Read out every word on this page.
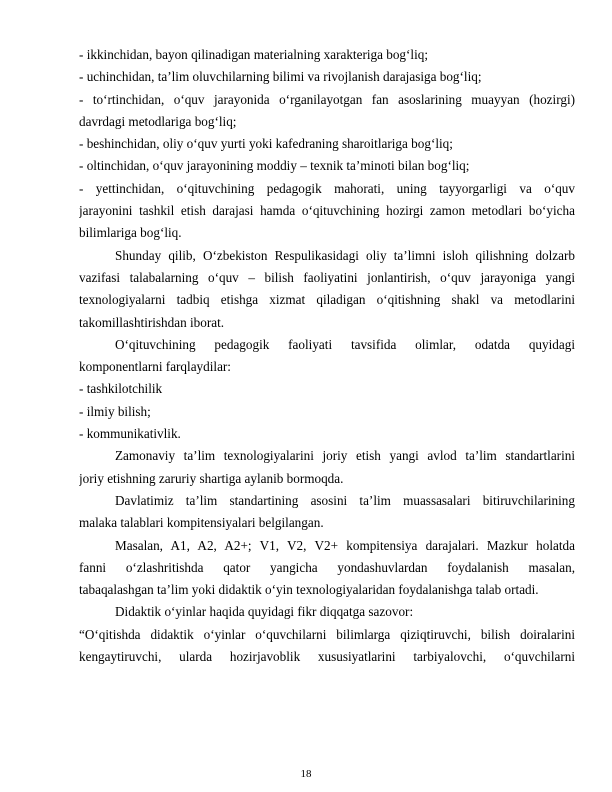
- ikkinchidan, bayon qilinadigan materialning xarakteriga bog‘liq;
- uchinchidan, ta’lim oluvchilarning bilimi va rivojlanish darajasiga bog‘liq;
- to‘rtinchidan, o‘quv jarayonida o‘rganilayotgan fan asoslarining muayyan (hozirgi)
davrdagi metodlariga bog‘liq;
- beshinchidan, oliy o‘quv yurti yoki kafedraning sharoitlariga bog‘liq;
- oltinchidan, o‘quv jarayonining moddiy – texnik ta’minoti bilan bog‘liq;
- yettinchidan, o‘qituvchining pedagogik mahorati, uning tayyorgarligi va o‘quv
jarayonini tashkil etish darajasi hamda o‘qituvchining hozirgi zamon metodlari bo‘yicha
bilimlariga bog‘liq.
Shunday qilib, O‘zbekiston Respulikasidagi oliy ta’limni isloh qilishning dolzarb
vazifasi talabalarning o‘quv – bilish faoliyatini jonlantirish, o‘quv jarayoniga yangi
texnologiyalarni tadbiq etishga xizmat qiladigan o‘qitishning shakl va metodlarini
takomillashtirishdan iborat.
O‘qituvchining pedagogik faoliyati tavsifida olimlar, odatda quyidagi
komponentlarni farqlaydilar:
- tashkilotchilik
- ilmiy bilish;
- kommunikativlik.
Zamonaviy ta’lim texnologiyalarini joriy etish yangi avlod ta’lim standartlarini
joriy etishning zaruriy shartiga aylanib bormoqda.
Davlatimiz ta’lim standartining asosini ta’lim muassasalari bitiruvchilarining
malaka talablari kompitensiyalari belgilangan.
Masalan, A1, A2, A2+; V1, V2, V2+ kompitensiya darajalari. Mazkur holatda
fanni o‘zlashritishda qator yangicha yondashuvlardan foydalanish masalan,
tabaqalashgan ta’lim yoki didaktik o‘yin texnologiyalaridan foydalanishga talab ortadi.
Didaktik o‘yinlar haqida quyidagi fikr diqqatga sazovor:
“O‘qitishda didaktik o‘yinlar o‘quvchilarni bilimlarga qiziqtiruvchi, bilish doiralarini
kengaytiruvchi, ularda hozirjavoblik xususiyatlarini tarbiyalovchi, o‘quvchilarni
18
